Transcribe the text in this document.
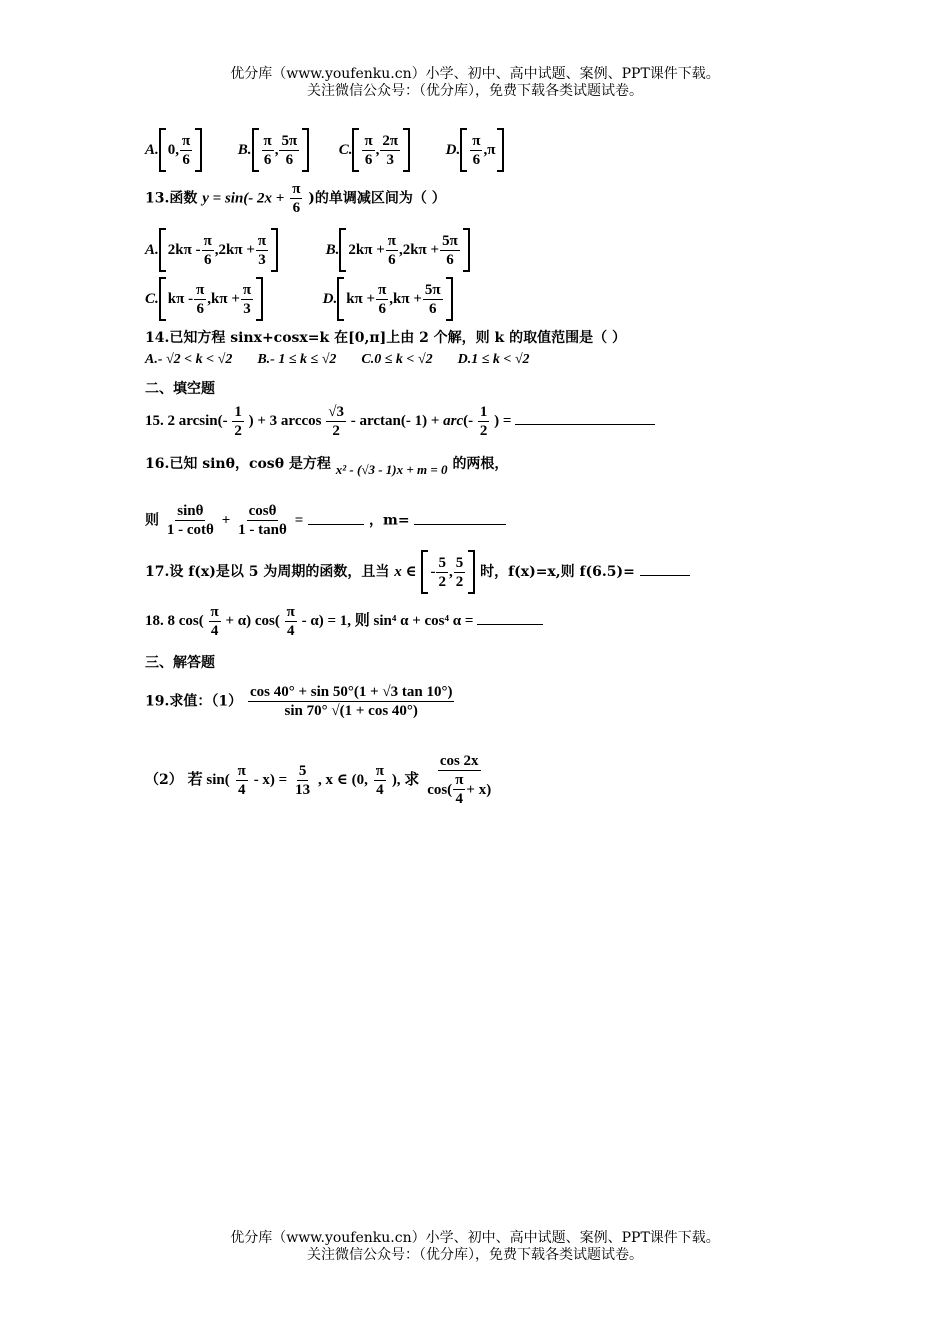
优分库（www.youfenku.cn）小学、初中、高中试题、案例、PPT课件下载。
关注微信公众号：（优分库），免费下载各类试题试卷。
A. 0,
π
6

B.
π
6
,
5π
6

C.
π
6
,
2π
3

D.
π
6
,π
13.函数 y = sin(- $2x + \frac{\pi}{6}$ )的单调减区间为（ ）
A. 2kπ -
π
6
$,2k\pi + \frac{\pi}{3}$
	B. $2k\pi + \frac{\pi}{6} ,2k\pi + \frac{5\pi}{6}$
C. kπ -
π
6
$,k\pi + \frac{\pi}{3}$
	D. $k\pi + \frac{\pi}{6} ,k\pi + \frac{5\pi}{6}$
14.已知方程 sinx+cosx=k 在[0,π]上由 2 个解，则 k 的取值范围是（ ）
A.- √2 < k < √2 B.- 1 ≤ k ≤ √2 C.0 ≤ k < √2 D.1 ≤ k < √2
二、填空题
15. 2 $\arcsin(- \frac{1}{2}$ ) + 3 $\arccos \frac{√3}{2} - \arctan(-$ $1) + arc(- \frac{1}{2}$ ) =
16.已知 sinθ，cosθ 是方程 x² - (√3 - 1)x + m = 0 的两根，
则 $\frac{\sin\theta}{1 - \cot\theta} + \frac{\cos\theta}{1 - \tan\theta}$ =	，m=
17.设 f(x)是以 5 为周期的函数，且当 x ∈ -
5
2
,
5
2
时，f(x)=x,则 f(6.5)=
18. 8 $\cos( \frac{\pi}{4} + \alpha)$ $\cos( \frac{\pi}{4} - \alpha) = 1$, 则 sin⁴ α + cos⁴ α =
三、解答题
19.求值：$(1) \frac{\cos 40^\circ + \sin 50^\circ(1 + √3 \tan 10^\circ)}{\sin 70^\circ √(1 + \cos 40^\circ)}$
（2） 若 $\sin( \frac{\pi}{4} - x) = \frac{5}{13}$ , x ∈ (0, $\frac{\pi}{4}$ ), 求 cos 2x
cos(
π
4
+ x)
优分库（www.youfenku.cn）小学、初中、高中试题、案例、PPT课件下载。
关注微信公众号：（优分库），免费下载各类试题试卷。
